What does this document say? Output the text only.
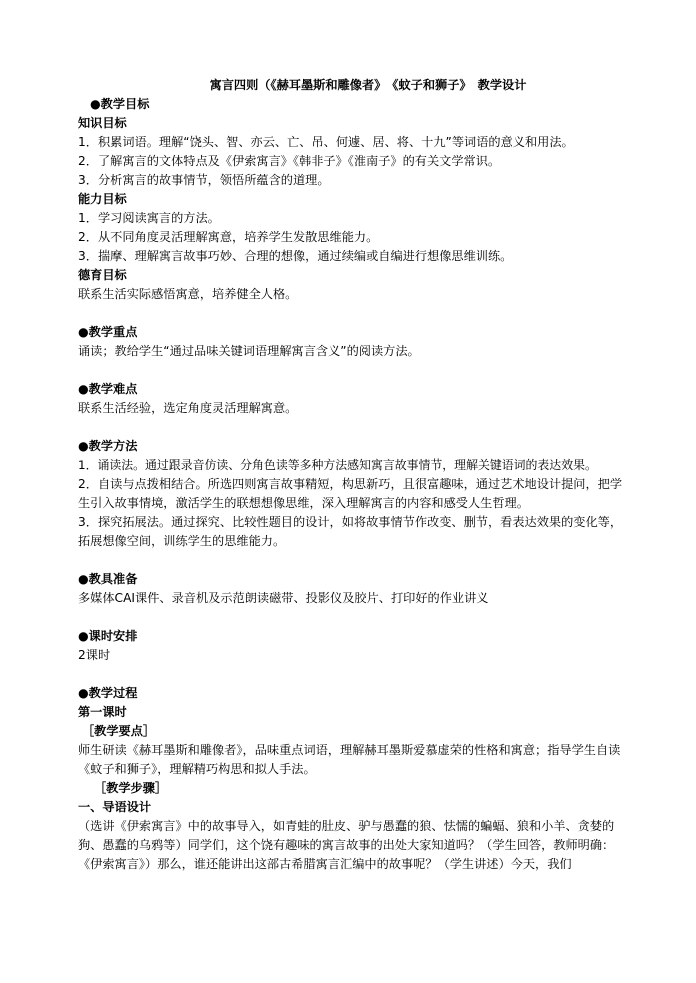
寓言四则（《赫耳墨斯和雕像者》　《蚊子和狮子》　教学设计
●教学目标
知识目标
1．积累词语。理解“饶头、智、亦云、亡、吊、何遽、居、将、十九”等词语的意义和用法。
2．了解寓言的文体特点及《伊索寓言》《韩非子》《淮南子》的有关文学常识。
3．分析寓言的故事情节，领悟所蕴含的道理。
能力目标
1．学习阅读寓言的方法。
2．从不同角度灵活理解寓意，培养学生发散思维能力。
3．揣摩、理解寓言故事巧妙、合理的想像，通过续编或自编进行想像思维训练。
德育目标
联系生活实际感悟寓意，培养健全人格。
●教学重点
诵读；教给学生“通过品味关键词语理解寓言含义”的阅读方法。
●教学难点
联系生活经验，选定角度灵活理解寓意。
●教学方法
1．诵读法。通过跟录音仿读、分角色读等多种方法感知寓言故事情节，理解关键语词的表达效果。
2．自读与点拨相结合。所选四则寓言故事精短，构思新巧，且很富趣味，通过艺术地设计提问，把学生引入故事情境，激活学生的联想想像思维，深入理解寓言的内容和感受人生哲理。
3．探究拓展法。通过探究、比较性题目的设计，如将故事情节作改变、删节，看表达效果的变化等，拓展想像空间，训练学生的思维能力。
●教具准备
多媒体CAI课件、录音机及示范朗读磁带、投影仪及胶片、打印好的作业讲义
●课时安排
2课时
●教学过程
第一课时
［教学要点］
师生研读《赫耳墨斯和雕像者》，品味重点词语，理解赫耳墨斯爱慕虚荣的性格和寓意；指导学生自读《蚊子和狮子》，理解精巧构思和拟人手法。
［教学步骤］
一、导语设计
（选讲《伊索寓言》中的故事导入，如青蛙的肚皮、驴与愚蠢的狼、怯懦的蝙蝠、狼和小羊、贪婪的狗、愚蠢的乌鸦等）同学们，这个饶有趣味的寓言故事的出处大家知道吗？（学生回答，教师明确：《伊索寓言》）那么，谁还能讲出这部古希腊寓言汇编中的故事呢？（学生讲述）今天，我们
